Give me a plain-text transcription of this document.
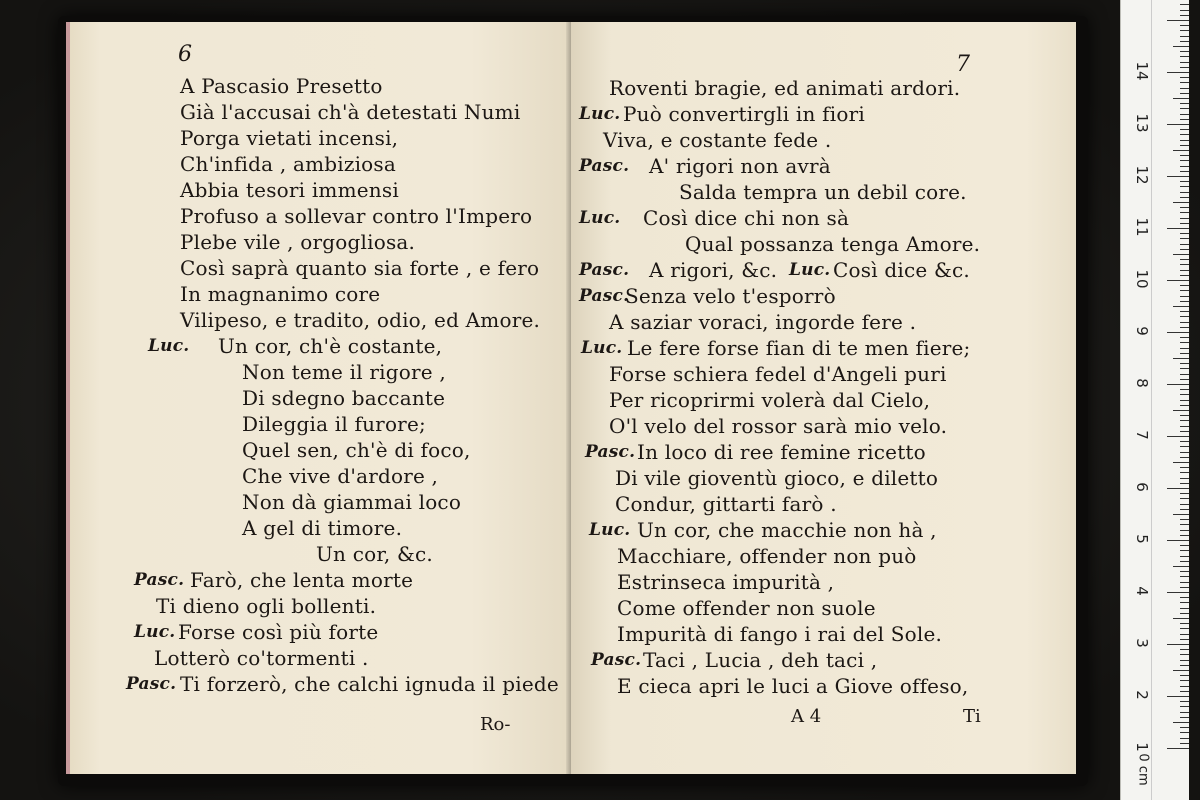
6
A Pascasio Presetto
Già l'accusai ch'à detestati Numi
Porga vietati incensi,
Ch'infida , ambiziosa
Abbia tesori immensi
Profuso a sollevar contro l'Impero
Plebe vile , orgogliosa.
Così saprà quanto sia forte , e fero
In magnanimo core
Vilipeso, e tradito, odio, ed Amore.
Luc. Un cor, ch'è costante,
Non teme il rigore ,
Di sdegno baccante
Dileggia il furore;
Quel sen, ch'è di foco,
Che vive d'ardore ,
Non dà giammai loco
A gel di timore.
Un cor, &c.
Pasc. Farò, che lenta morte
Ti dieno ogli bollenti.
Luc. Forse così più forte
Lotterò co'tormenti .
Pasc. Ti forzerò, che calchi ignuda il piede
Ro-
7
Roventi bragie, ed animati ardori.
Luc. Può convertirgli in fiori
Viva, e costante fede .
Pasc. A' rigori non avrà
Salda tempra un debil core.
Luc. Così dice chi non sà
Qual possanza tenga Amore.
Pasc. A rigori, &c. Luc. Così dice &c.
Pasc.
Senza velo t'esporrò
A saziar voraci, ingorde fere .
Luc. Le fere forse fian di te men fiere;
Forse schiera fedel d'Angeli puri
Per ricoprirmi volerà dal Cielo,
O'l velo del rossor sarà mio velo.
Pasc. In loco di ree femine ricetto
Di vile gioventù gioco, e diletto
Condur, gittarti farò .
Luc. Un cor, che macchie non hà ,
Macchiare, offender non può
Estrinseca impurità ,
Come offender non suole
Impurità di fango i rai del Sole.
Pasc. Taci , Lucia , deh taci ,
E cieca apri le luci a Giove offeso,
A 4	Ti
1
2
3
4
5
6
7
8
9
10
11
12
13
14
0 cm
